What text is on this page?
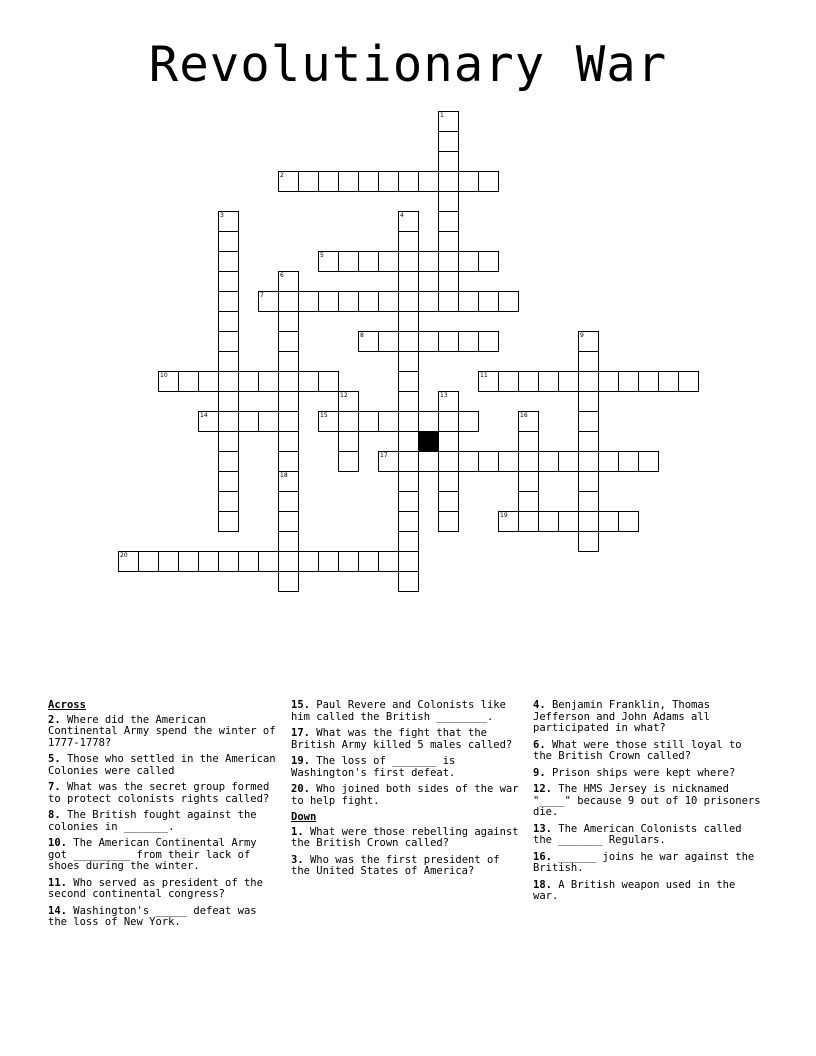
Revolutionary War
1
2
3	4
5
6
7
8	9
10	11
12	13
14	15	16
17
18
19
20
Across
2. Where did the American Continental Army spend the winter of 1777-1778?
5. Those who settled in the American Colonies were called
7. What was the secret group formed to protect colonists rights called?
8. The British fought against the colonies in _______.
10. The American Continental Army got _________ from their lack of shoes during the winter.
11. Who served as president of the second continental congress?
14. Washington's _____ defeat was the loss of New York.
15. Paul Revere and Colonists like him called the British ________.
17. What was the fight that the British Army killed 5 males called?
19. The loss of _______ is Washington's first defeat.
20. Who joined both sides of the war to help fight.
Down
1. What were those rebelling against the British Crown called?
3. Who was the first president of the United States of America?
4. Benjamin Franklin, Thomas Jefferson and John Adams all participated in what?
6. What were those still loyal to the British Crown called?
9. Prison ships were kept where?
12. The HMS Jersey is nicknamed "____" because 9 out of 10 prisoners die.
13. The American Colonists called the _______ Regulars.
16. ______ joins he war against the British.
18. A British weapon used in the war.
